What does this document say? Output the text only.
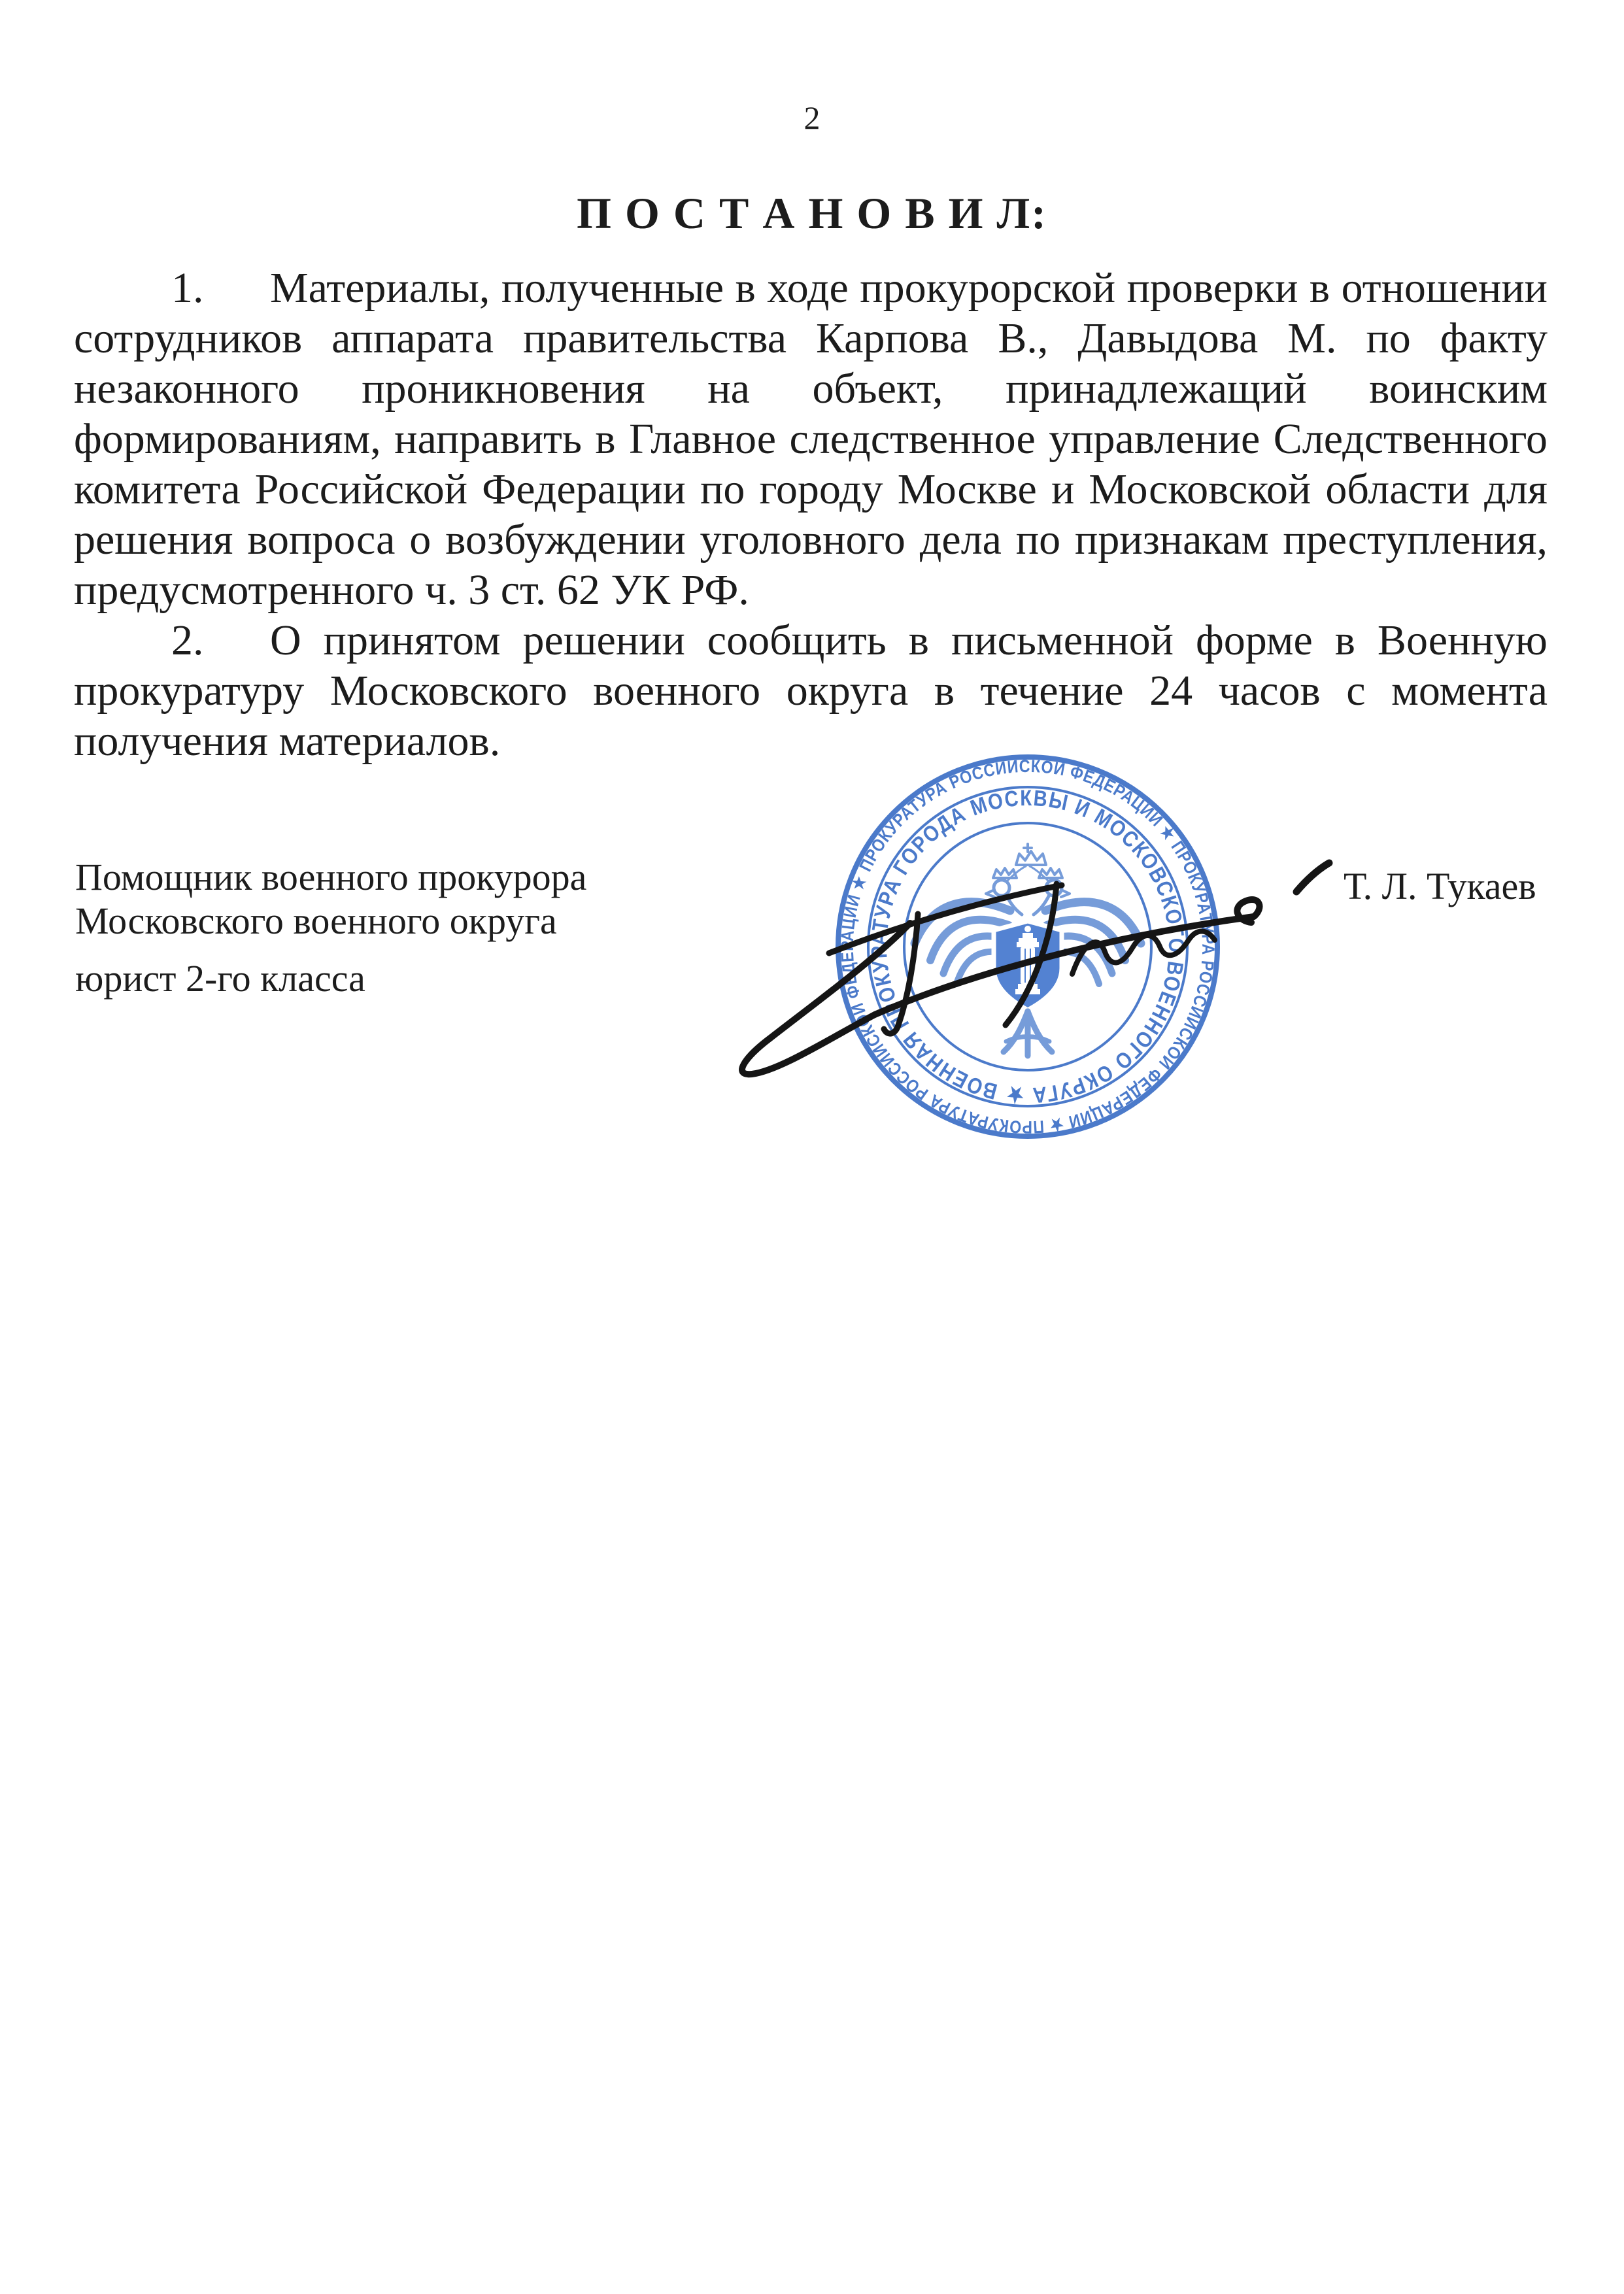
2
П О С Т А Н О В И Л:

1. Материалы, полученные в ходе прокурорской проверки в отношении сотрудников аппарата правительства Карпова В., Давыдова М. по факту незаконного проникновения на объект, принадлежащий воинским формированиям, направить в Главное следственное управление Следственного комитета Российской Федерации по городу Москве и Московской области для решения вопроса о возбуждении уголовного дела по признакам преступления, предусмотренного ч. 3 ст. 62 УК РФ.

2. О принятом решении сообщить в письменной форме в Военную прокуратуру Московского военного округа в течение 24 часов с момента получения материалов.

Помощник военного прокурора

Московского военного округа

юрист 2-го класса

ПРОКУРАТУРА РОССИЙСКОЙ ФЕДЕРАЦИИ ★ ПРОКУРАТУРА РОССИЙСКОЙ ФЕДЕРАЦИИ ★ ПРОКУРАТУРА РОССИЙСКОЙ ФЕДЕРАЦИИ ★
ВОЕННАЯ ПРОКУРАТУРА ГОРОДА МОСКВЫ И МОСКОВСКОГО ВОЕННОГО ОКРУГА ★
Т. Л. Тукаев
